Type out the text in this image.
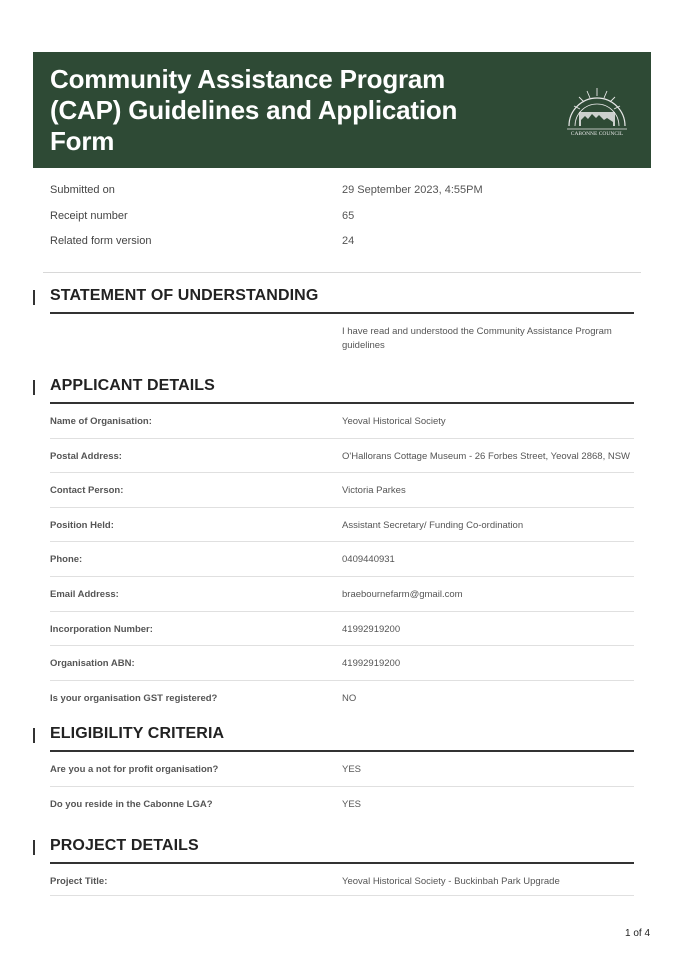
Community Assistance Program (CAP) Guidelines and Application Form	CABONNE COUNCIL
Submitted on	29 September 2023, 4:55PM
Receipt number	65
Related form version	24
STATEMENT OF UNDERSTANDING
I have read and understood the Community Assistance Program guidelines
APPLICANT DETAILS
Name of Organisation:	Yeoval Historical Society
Postal Address:	O'Hallorans Cottage Museum - 26 Forbes Street, Yeoval 2868, NSW
Contact Person:	Victoria Parkes
Position Held:	Assistant Secretary/ Funding Co-ordination
Phone:	0409440931
Email Address:	braebournefarm@gmail.com
Incorporation Number:	41992919200
Organisation ABN:	41992919200
Is your organisation GST registered?	NO
ELIGIBILITY CRITERIA
Are you a not for profit organisation?	YES
Do you reside in the Cabonne LGA?	YES
PROJECT DETAILS
Project Title:	Yeoval Historical Society - Buckinbah Park Upgrade
1 of 4
